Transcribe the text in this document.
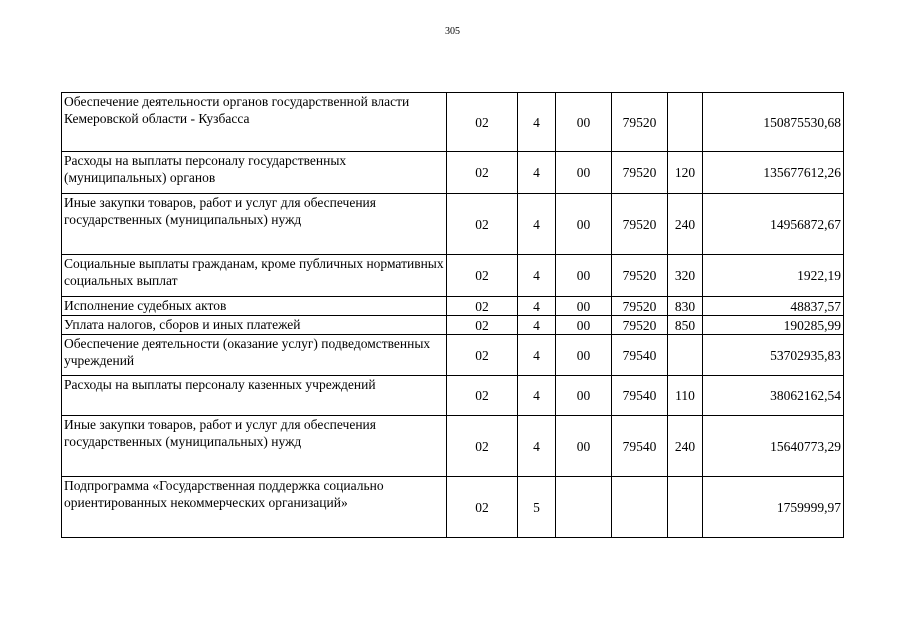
305
Обеспечение деятельности органов государственной власти Кемеровской области - Кузбасса	02	4	00	79520		150875530,68
Расходы на выплаты персоналу государственных (муниципальных) органов	02	4	00	79520	120	135677612,26
Иные закупки товаров, работ и услуг для обеспечения государственных (муниципальных) нужд	02	4	00	79520	240	14956872,67
Социальные выплаты гражданам, кроме публичных нормативных социальных выплат	02	4	00	79520	320	1922,19
Исполнение судебных актов	02	4	00	79520	830	48837,57
Уплата налогов, сборов и иных платежей	02	4	00	79520	850	190285,99
Обеспечение деятельности (оказание услуг) подведомственных учреждений	02	4	00	79540		53702935,83
Расходы на выплаты персоналу казенных учреждений	02	4	00	79540	110	38062162,54
Иные закупки товаров, работ и услуг для обеспечения государственных (муниципальных) нужд	02	4	00	79540	240	15640773,29
Подпрограмма «Государственная поддержка социально ориентированных некоммерческих организаций»	02	5				1759999,97
